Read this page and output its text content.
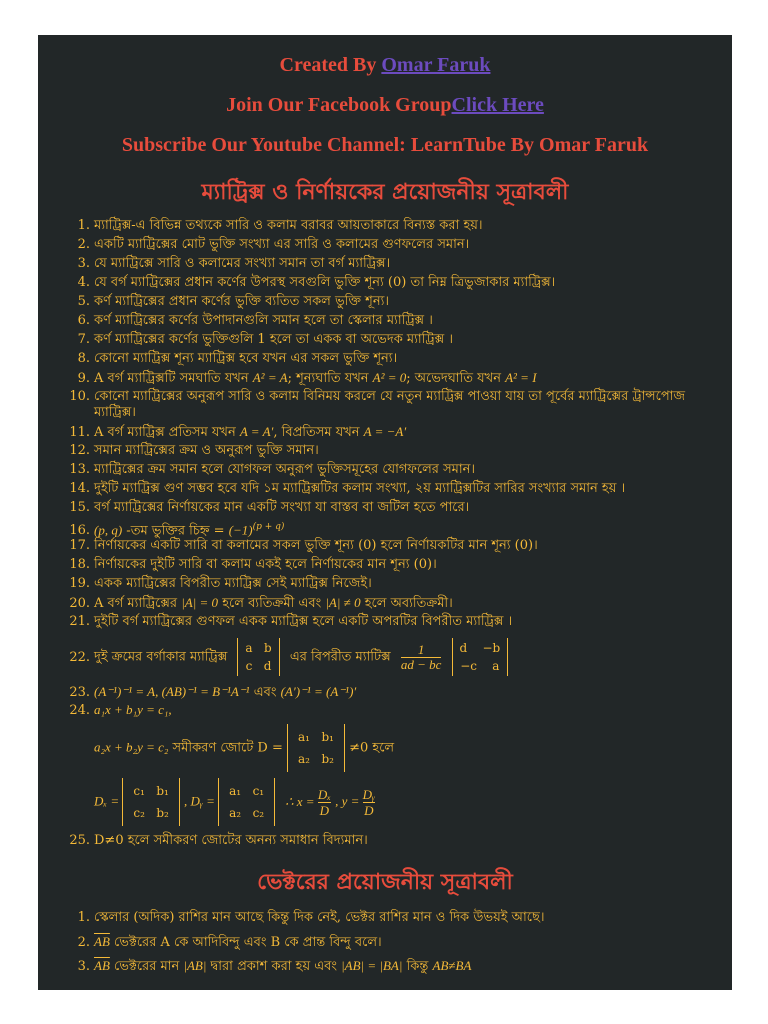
Created By Omar Faruk
Join Our Facebook GroupClick Here
Subscribe Our Youtube Channel: LearnTube By Omar Faruk
ম্যাট্রিক্স ও নির্ণায়কের প্রয়োজনীয় সূত্রাবলী
1. ম্যাট্রিক্স-এ বিভিন্ন তথ্যকে সারি ও কলাম বরাবর আয়তাকারে বিন্যস্ত করা হয়।
2. একটি ম্যাট্রিক্সের মোট ভুক্তি সংখ্যা এর সারি ও কলামের গুণফলের সমান।
3. যে ম্যাট্রিক্সে সারি ও কলামের সংখ্যা সমান তা বর্গ ম্যাট্রিক্স।
4. যে বর্গ ম্যাট্রিক্সের প্রধান কর্ণের উপরস্থ সবগুলি ভুক্তি শূন্য (0) তা নিম্ন ত্রিভুজাকার ম্যাট্রিক্স।
5. কর্ণ ম্যাট্রিক্সের প্রধান কর্ণের ভুক্তি ব্যতিত সকল ভুক্তি শূন্য।
6. কর্ণ ম্যাট্রিক্সের কর্ণের উপাদানগুলি সমান হলে তা স্কেলার ম্যাট্রিক্স ।
7. কর্ণ ম্যাট্রিক্সের কর্ণের ভুক্তিগুলি 1 হলে তা একক বা অভেদক ম্যাট্রিক্স ।
8. কোনো ম্যাট্রিক্স শূন্য ম্যাট্রিক্স হবে যখন এর সকল ভুক্তি শূন্য।
9. A বর্গ ম্যাট্রিক্সটি সমঘাতি যখন A² = A; শূন্যঘাতি যখন A² = 0; অভেদঘাতি যখন A² = I
10. কোনো ম্যাট্রিক্সের অনুরূপ সারি ও কলাম বিনিময় করলে যে নতুন ম্যাট্রিক্স পাওয়া যায় তা পূর্বের ম্যাট্রিক্সের ট্রান্সপোজ ম্যাট্রিক্স।
11. A বর্গ ম্যাট্রিক্স প্রতিসম যখন A = A′, বিপ্রতিসম যখন A = −A′
12. সমান ম্যাট্রিক্সের ক্রম ও অনুরূপ ভুক্তি সমান।
13. ম্যাট্রিক্সের ক্রম সমান হলে যোগফল অনুরূপ ভুক্তিসমূহের যোগফলের সমান।
14. দুইটি ম্যাট্রিক্স গুণ সম্ভব হবে যদি ১ম ম্যাট্রিক্সটির কলাম সংখ্যা, ২য় ম্যাট্রিক্সটির সারির সংখ্যার সমান হয় ।
15. বর্গ ম্যাট্রিক্সের নির্ণায়কের মান একটি সংখ্যা যা বাস্তব বা জটিল হতে পারে।
16. (p, q) -তম ভুক্তির চিহ্ন = $(-1)^{(p + q)}$
17. নির্ণায়কের একটি সারি বা কলামের সকল ভুক্তি শূন্য (0) হলে নির্ণায়কটির মান শূন্য (0)।
18. নির্ণায়কের দুইটি সারি বা কলাম একই হলে নির্ণায়কের মান শূন্য (0)।
19. একক ম্যাট্রিক্সের বিপরীত ম্যাট্রিক্স সেই ম্যাট্রিক্স নিজেই।
20. A বর্গ ম্যাট্রিক্সের |A| = 0 হলে ব্যতিক্রমী এবং |A| ≠ 0 হলে অব্যতিক্রমী।
21. দুইটি বর্গ ম্যাট্রিক্সের গুণফল একক ম্যাট্রিক্স হলে একটি অপরটির বিপরীত ম্যাট্রিক্স ।
22. দুই ক্রমের বর্গাকার ম্যাট্রিক্স a b
c d এর বিপরীত ম্যাটিক্স $\frac{1}{ad - bc}$ d −b
−c a
23. (A⁻¹)⁻¹ = A, (AB)⁻¹ = B⁻¹A⁻¹ এবং (A′)⁻¹ = (A⁻¹)′
24. a₁x + b₁y = c₁,
a₂x + b₂y = c₂ সমীকরণ জোটে D = a₁ b₁
a₂ b₂ ≠0 হলে
Dₓ = c₁ b₁
c₂ b₂ , Dᵧ = a₁ c₁
a₂ c₂ ∴ $x = \frac{\text{Dₓ}}{D}$ , $y = \frac{\text{Dᵧ}}{D}$
25. D≠0 হলে সমীকরণ জোটের অনন্য সমাধান বিদ্যমান।
ভেক্টরের প্রয়োজনীয় সূত্রাবলী
1. স্কেলার (অদিক) রাশির মান আছে কিন্তু দিক নেই, ভেক্টর রাশির মান ও দিক উভয়ই আছে।
2. $\overline{AB}$ ভেক্টরের A কে আদিবিন্দু এবং B কে প্রান্ত বিন্দু বলে।
3. $\overline{AB}$ ভেক্টরের মান |AB| দ্বারা প্রকাশ করা হয় এবং |AB| = |BA| কিন্তু AB≠BA
